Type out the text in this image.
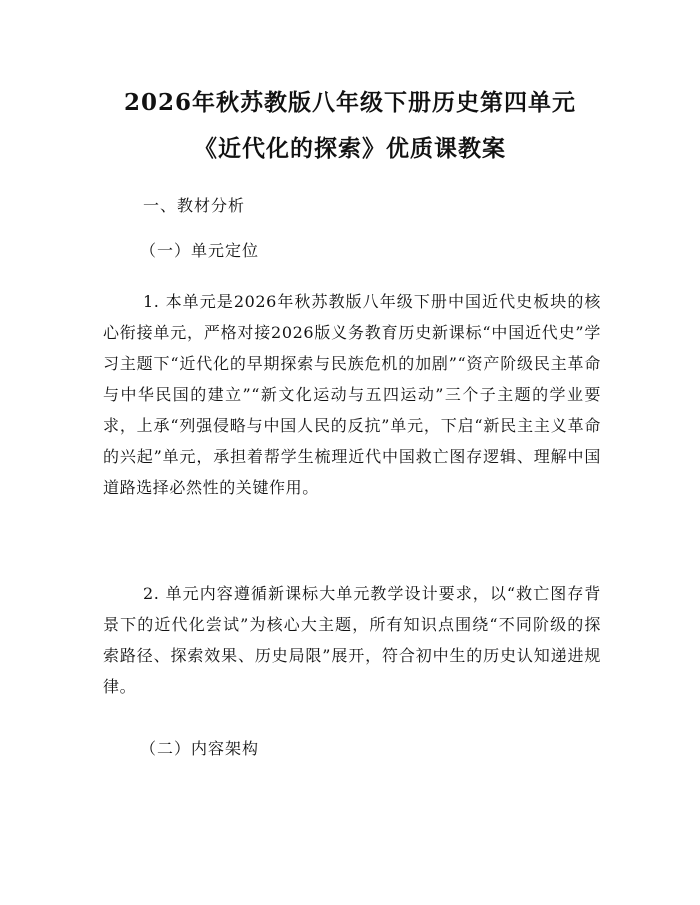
2026年秋苏教版八年级下册历史第四单元
《近代化的探索》优质课教案
一、教材分析
（一）单元定位
1. 本单元是2026年秋苏教版八年级下册中国近代史板块的核心衔接单元，严格对接2026版义务教育历史新课标“中国近代史”学习主题下“近代化的早期探索与民族危机的加剧”“资产阶级民主革命与中华民国的建立”“新文化运动与五四运动”三个子主题的学业要求，上承“列强侵略与中国人民的反抗”单元，下启“新民主主义革命的兴起”单元，承担着帮学生梳理近代中国救亡图存逻辑、理解中国道路选择必然性的关键作用。
2. 单元内容遵循新课标大单元教学设计要求，以“救亡图存背景下的近代化尝试”为核心大主题，所有知识点围绕“不同阶级的探索路径、探索效果、历史局限”展开，符合初中生的历史认知递进规律。
（二）内容架构
